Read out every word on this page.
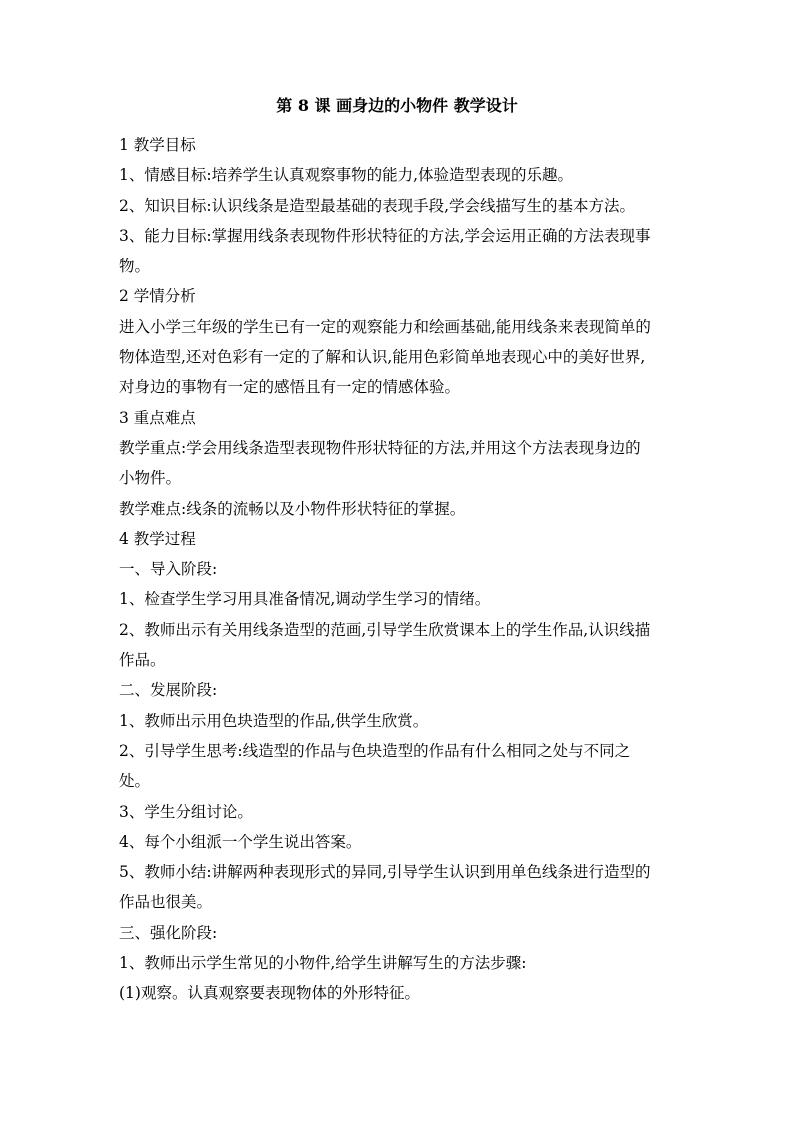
第 8 课 画身边的小物件 教学设计
1 教学目标
1、情感目标:培养学生认真观察事物的能力,体验造型表现的乐趣。
2、知识目标:认识线条是造型最基础的表现手段,学会线描写生的基本方法。
3、能力目标:掌握用线条表现物件形状特征的方法,学会运用正确的方法表现事
物。
2 学情分析
进入小学三年级的学生已有一定的观察能力和绘画基础,能用线条来表现简单的
物体造型,还对色彩有一定的了解和认识,能用色彩简单地表现心中的美好世界,
对身边的事物有一定的感悟且有一定的情感体验。
3 重点难点
教学重点:学会用线条造型表现物件形状特征的方法,并用这个方法表现身边的
小物件。
教学难点:线条的流畅以及小物件形状特征的掌握。
4 教学过程
一、导入阶段:
1、检查学生学习用具准备情况,调动学生学习的情绪。
2、教师出示有关用线条造型的范画,引导学生欣赏课本上的学生作品,认识线描
作品。
二、发展阶段:
1、教师出示用色块造型的作品,供学生欣赏。
2、引导学生思考:线造型的作品与色块造型的作品有什么相同之处与不同之
处。
3、学生分组讨论。
4、每个小组派一个学生说出答案。
5、教师小结:讲解两种表现形式的异同,引导学生认识到用单色线条进行造型的
作品也很美。
三、强化阶段:
1、教师出示学生常见的小物件,给学生讲解写生的方法步骤:
(1)观察。认真观察要表现物体的外形特征。
